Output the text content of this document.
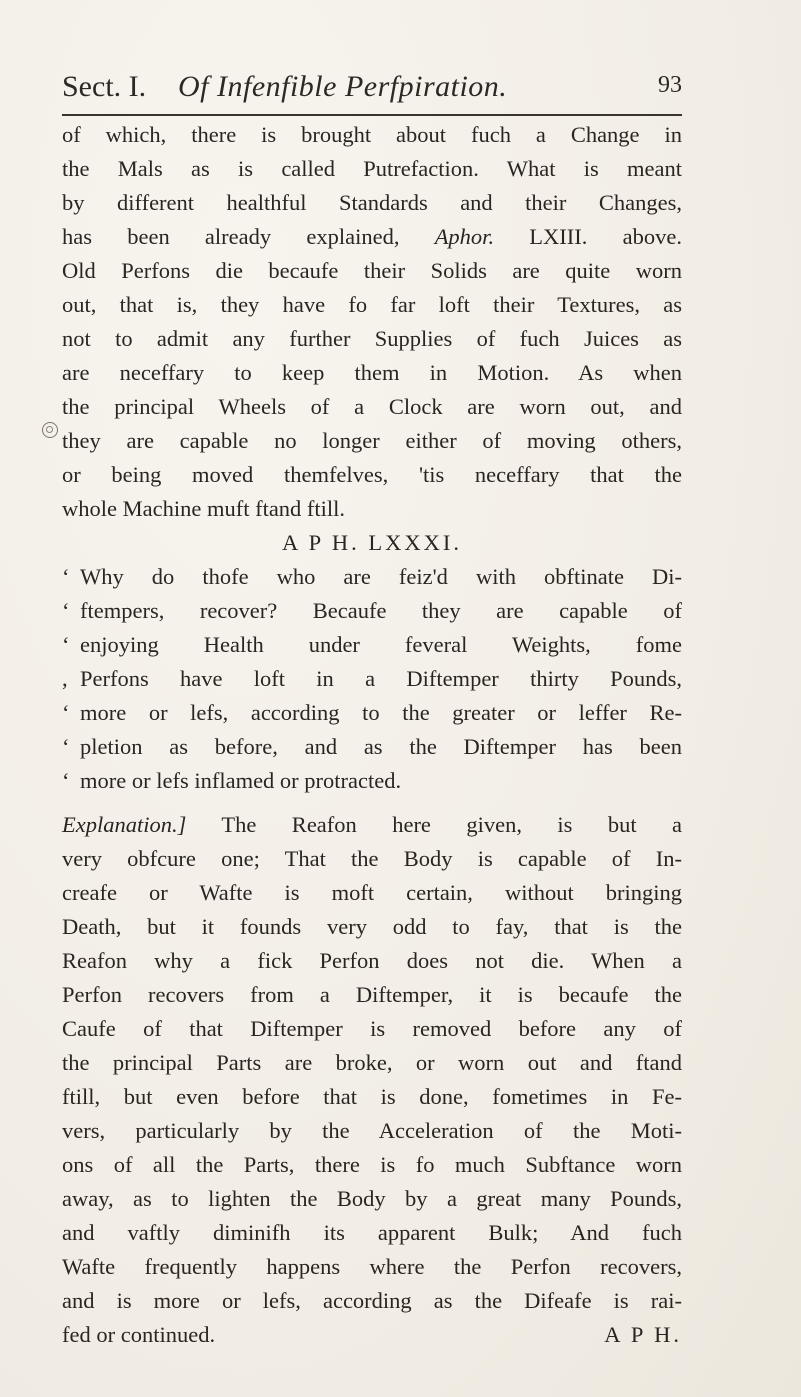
Sect. I. Of Infenfible Perfpiration.	93
of which, there is brought about fuch a Change in
the Mals as is called Putrefaction. What is meant
by different healthful Standards and their Changes,
has been already explained, Aphor. LXIII. above.
Old Perfons die becaufe their Solids are quite worn
out, that is, they have fo far loft their Textures, as
not to admit any further Supplies of fuch Juices as
are neceffary to keep them in Motion. As when
the principal Wheels of a Clock are worn out, and
they are capable no longer either of moving others,
or being moved themfelves, 'tis neceffary that the
whole Machine muft ftand ftill.
A P H. LXXXI.
‘ Why do thofe who are feiz'd with obftinate Di-
‘ ftempers, recover? Becaufe they are capable of
‘ enjoying Health under feveral Weights, fome
, Perfons have loft in a Diftemper thirty Pounds,
‘ more or lefs, according to the greater or leffer Re-
‘ pletion as before, and as the Diftemper has been
‘ more or lefs inflamed or protracted.
Explanation.] The Reafon here given, is but a
very obfcure one; That the Body is capable of In-
creafe or Wafte is moft certain, without bringing
Death, but it founds very odd to fay, that is the
Reafon why a fick Perfon does not die. When a
Perfon recovers from a Diftemper, it is becaufe the
Caufe of that Diftemper is removed before any of
the principal Parts are broke, or worn out and ftand
ftill, but even before that is done, fometimes in Fe-
vers, particularly by the Acceleration of the Moti-
ons of all the Parts, there is fo much Subftance worn
away, as to lighten the Body by a great many Pounds,
and vaftly diminifh its apparent Bulk; And fuch
Wafte frequently happens where the Perfon recovers,
and is more or lefs, according as the Difeafe is rai-
fed or continued.	A P H.
